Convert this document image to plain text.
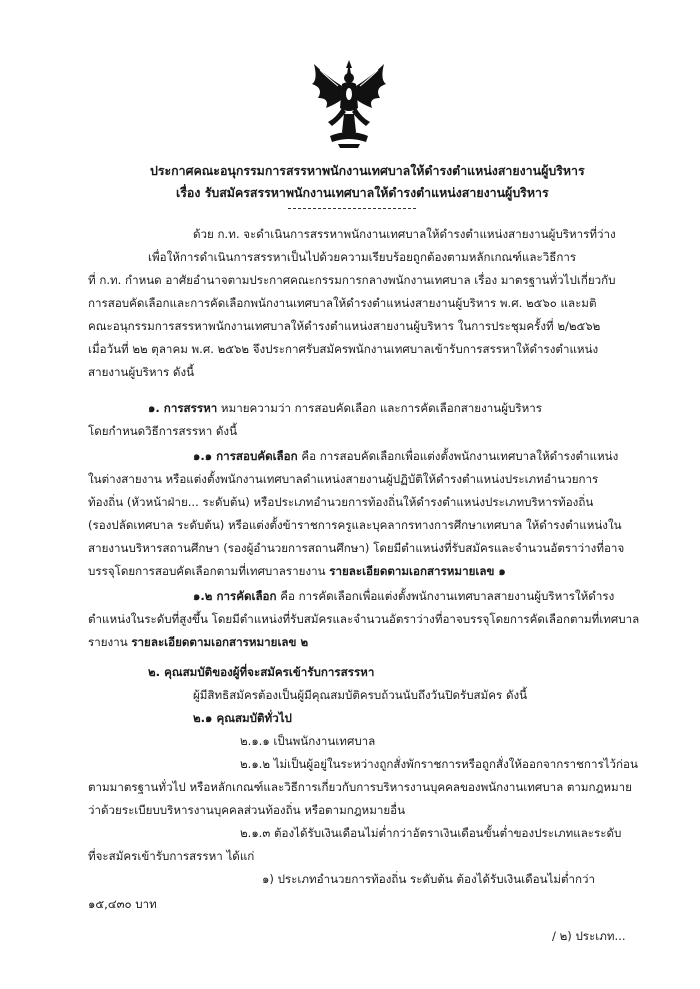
ประกาศคณะอนุกรรมการสรรหาพนักงานเทศบาลให้ดำรงตำแหน่งสายงานผู้บริหาร
เรื่อง รับสมัครสรรหาพนักงานเทศบาลให้ดำรงตำแหน่งสายงานผู้บริหาร
ด้วย ก.ท. จะดำเนินการสรรหาพนักงานเทศบาลให้ดำรงตำแหน่งสายงานผู้บริหารที่ว่าง
เพื่อให้การดำเนินการสรรหาเป็นไปด้วยความเรียบร้อยถูกต้องตามหลักเกณฑ์และวิธีการ
ที่ ก.ท. กำหนด อาศัยอำนาจตามประกาศคณะกรรมการกลางพนักงานเทศบาล เรื่อง มาตรฐานทั่วไปเกี่ยวกับ
การสอบคัดเลือกและการคัดเลือกพนักงานเทศบาลให้ดำรงตำแหน่งสายงานผู้บริหาร พ.ศ. ๒๕๖๐ และมติ
คณะอนุกรรมการสรรหาพนักงานเทศบาลให้ดำรงตำแหน่งสายงานผู้บริหาร ในการประชุมครั้งที่ ๒/๒๕๖๒
เมื่อวันที่ ๒๒ ตุลาคม พ.ศ. ๒๕๖๒ จึงประกาศรับสมัครพนักงานเทศบาลเข้ารับการสรรหาให้ดำรงตำแหน่ง
สายงานผู้บริหาร ดังนี้
๑. การสรรหา หมายความว่า การสอบคัดเลือก และการคัดเลือกสายงานผู้บริหาร
โดยกำหนดวิธีการสรรหา ดังนี้
๑.๑ การสอบคัดเลือก คือ การสอบคัดเลือกเพื่อแต่งตั้งพนักงานเทศบาลให้ดำรงตำแหน่ง
ในต่างสายงาน หรือแต่งตั้งพนักงานเทศบาลดำแหน่งสายงานผู้ปฏิบัติให้ดำรงตำแหน่งประเภทอำนวยการ
ท้องถิ่น (หัวหน้าฝ่าย... ระดับต้น) หรือประเภทอำนวยการท้องถิ่นให้ดำรงตำแหน่งประเภทบริหารท้องถิ่น
(รองปลัดเทศบาล ระดับต้น) หรือแต่งตั้งข้าราชการครูและบุคลากรทางการศึกษาเทศบาล ให้ดำรงตำแหน่งใน
สายงานบริหารสถานศึกษา (รองผู้อำนวยการสถานศึกษา) โดยมีตำแหน่งที่รับสมัครและจำนวนอัตราว่างที่อาจ
บรรจุโดยการสอบคัดเลือกตามที่เทศบาลรายงาน รายละเอียดตามเอกสารหมายเลข ๑
๑.๒ การคัดเลือก คือ การคัดเลือกเพื่อแต่งตั้งพนักงานเทศบาลสายงานผู้บริหารให้ดำรง
ตำแหน่งในระดับที่สูงขึ้น โดยมีตำแหน่งที่รับสมัครและจำนวนอัตราว่างที่อาจบรรจุโดยการคัดเลือกตามที่เทศบาล
รายงาน รายละเอียดตามเอกสารหมายเลข ๒
๒. คุณสมบัติของผู้ที่จะสมัครเข้ารับการสรรหา
ผู้มีสิทธิสมัครต้องเป็นผู้มีคุณสมบัติครบถ้วนนับถึงวันปิดรับสมัคร ดังนี้
๒.๑ คุณสมบัติทั่วไป
๒.๑.๑ เป็นพนักงานเทศบาล
๒.๑.๒ ไม่เป็นผู้อยู่ในระหว่างถูกสั่งพักราชการหรือถูกสั่งให้ออกจากราชการไว้ก่อน
ตามมาตรฐานทั่วไป หรือหลักเกณฑ์และวิธีการเกี่ยวกับการบริหารงานบุคคลของพนักงานเทศบาล ตามกฎหมาย
ว่าด้วยระเบียบบริหารงานบุคคลส่วนท้องถิ่น หรือตามกฎหมายอื่น
๒.๑.๓ ต้องได้รับเงินเดือนไม่ต่ำกว่าอัตราเงินเดือนขั้นต่ำของประเภทและระดับ
ที่จะสมัครเข้ารับการสรรหา ได้แก่
๑) ประเภทอำนวยการท้องถิ่น ระดับต้น ต้องได้รับเงินเดือนไม่ต่ำกว่า
๑๕,๔๓๐ บาท
/ ๒) ประเภท...
